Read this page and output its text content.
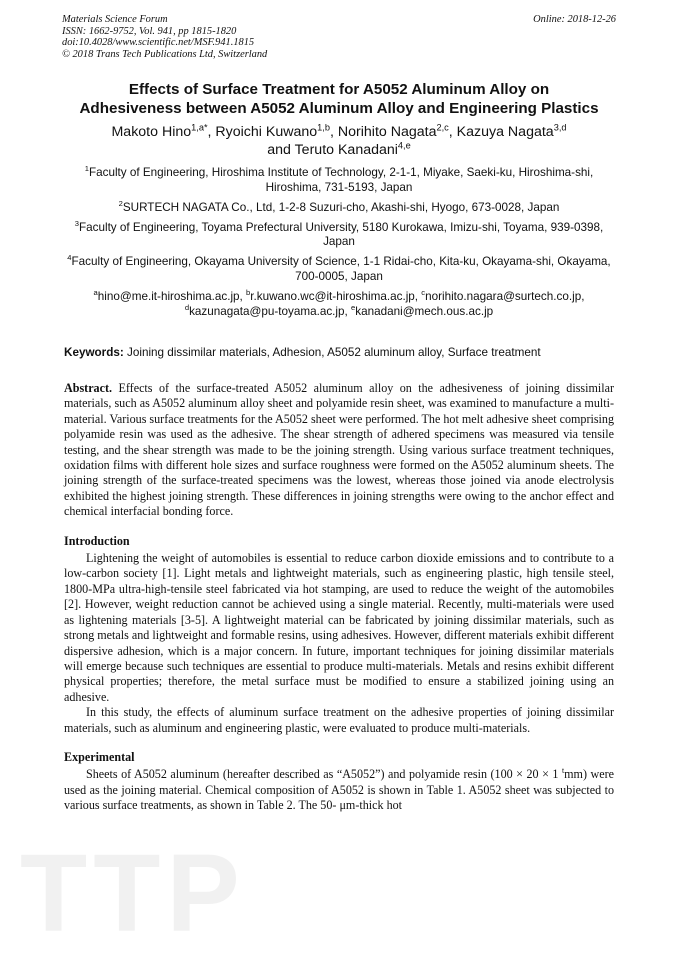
Materials Science Forum
ISSN: 1662-9752, Vol. 941, pp 1815-1820
doi:10.4028/www.scientific.net/MSF.941.1815
© 2018 Trans Tech Publications Ltd, Switzerland
Online: 2018-12-26
Effects of Surface Treatment for A5052 Aluminum Alloy on
Adhesiveness between A5052 Aluminum Alloy and Engineering Plastics
Makoto Hino$^{1,a*}$, Ryoichi Kuwano$^{1,b}$, Norihito Nagata$^{2,c}$, Kazuya Nagata$^{3,d}$
and Teruto Kanadani$^{4,e}$

$^1$Faculty of Engineering, Hiroshima Institute of Technology, 2-1-1, Miyake, Saeki-ku, Hiroshima-shi, Hiroshima, 731-5193, Japan

$^2$SURTECH NAGATA Co., Ltd, 1-2-8 Suzuri-cho, Akashi-shi, Hyogo, 673-0028, Japan

$^3$Faculty of Engineering, Toyama Prefectural University, 5180 Kurokawa, Imizu-shi, Toyama, 939-0398, Japan

$^4$Faculty of Engineering, Okayama University of Science, 1-1 Ridai-cho, Kita-ku, Okayama-shi, Okayama, 700-0005, Japan

$^a$hino@me.it-hiroshima.ac.jp, $^b$r.kuwano.wc@it-hiroshima.ac.jp, $^c$norihito.nagara@surtech.co.jp,
$^d$kazunagata@pu-toyama.ac.jp, $^e$kanadani@mech.ous.ac.jp

Keywords: Joining dissimilar materials, Adhesion, A5052 aluminum alloy, Surface treatment

Abstract. Effects of the surface-treated A5052 aluminum alloy on the adhesiveness of joining dissimilar materials, such as A5052 aluminum alloy sheet and polyamide resin sheet, was examined to manufacture a multi-material. Various surface treatments for the A5052 sheet were performed. The hot melt adhesive sheet comprising polyamide resin was used as the adhesive. The shear strength of adhered specimens was measured via tensile testing, and the shear strength was made to be the joining strength. Using various surface treatment techniques, oxidation films with different hole sizes and surface roughness were formed on the A5052 aluminum sheets. The joining strength of the surface-treated specimens was the lowest, whereas those joined via anode electrolysis exhibited the highest joining strength. These differences in joining strengths were owing to the anchor effect and chemical interfacial bonding force.

Introduction

Lightening the weight of automobiles is essential to reduce carbon dioxide emissions and to contribute to a low-carbon society [1]. Light metals and lightweight materials, such as engineering plastic, high tensile steel, 1800-MPa ultra-high-tensile steel fabricated via hot stamping, are used to reduce the weight of the automobiles [2]. However, weight reduction cannot be achieved using a single material. Recently, multi-materials were used as lightening materials [3-5]. A lightweight material can be fabricated by joining dissimilar materials, such as strong metals and lightweight and formable resins, using adhesives. However, different materials exhibit different dispersive adhesion, which is a major concern. In future, important techniques for joining dissimilar materials will emerge because such techniques are essential to produce multi-materials. Metals and resins exhibit different physical properties; therefore, the metal surface must be modified to ensure a stabilized joining using an adhesive.

In this study, the effects of aluminum surface treatment on the adhesive properties of joining dissimilar materials, such as aluminum and engineering plastic, were evaluated to produce multi-materials.

Experimental

Sheets of A5052 aluminum (hereafter described as “A5052”) and polyamide resin (100 × 20 × 1 $^t$mm) were used as the joining material. Chemical composition of A5052 is shown in Table 1. A5052 sheet was subjected to various surface treatments, as shown in Table 2. The 50- μm-thick hot

TTP
